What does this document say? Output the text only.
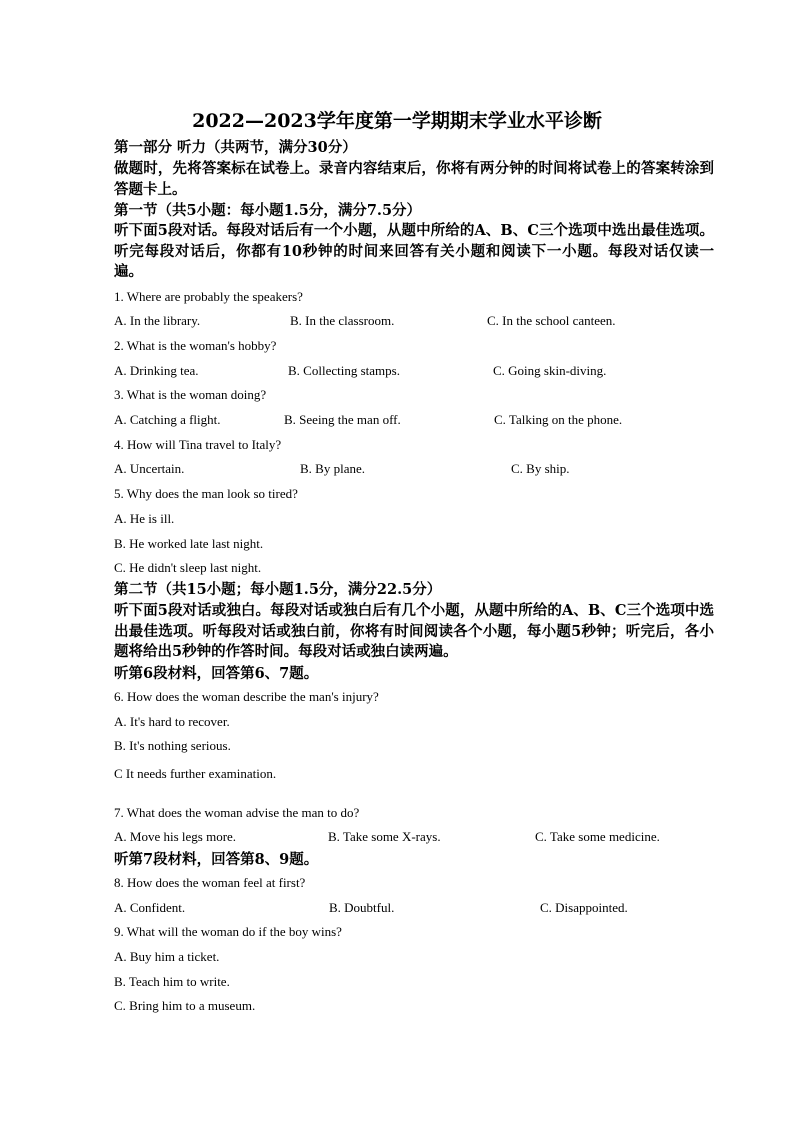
2022—2023学年度第一学期期末学业水平诊断
第一部分 听力（共两节，满分30分）
做题时，先将答案标在试卷上。录音内容结束后，你将有两分钟的时间将试卷上的答案转涂到答题卡上。
第一节（共5小题：每小题1.5分，满分7.5分）
听下面5段对话。每段对话后有一个小题，从题中所给的A、B、C三个选项中选出最佳选项。听完每段对话后，你都有10秒钟的时间来回答有关小题和阅读下一小题。每段对话仅读一遍。
1. Where are probably the speakers?
A. In the library.	B. In the classroom.	C. In the school canteen.
2. What is the woman's hobby?
A. Drinking tea.	B. Collecting stamps.	C. Going skin-diving.
3. What is the woman doing?
A. Catching a flight.	B. Seeing the man off.	C. Talking on the phone.
4. How will Tina travel to Italy?
A. Uncertain.	B. By plane.	C. By ship.
5. Why does the man look so tired?
A. He is ill.
B. He worked late last night.
C. He didn't sleep last night.
第二节（共15小题；每小题1.5分，满分22.5分）
听下面5段对话或独白。每段对话或独白后有几个小题，从题中所给的A、B、C三个选项中选出最佳选项。听每段对话或独白前，你将有时间阅读各个小题，每小题5秒钟；听完后，各小题将给出5秒钟的作答时间。每段对话或独白读两遍。
听第6段材料，回答第6、7题。
6. How does the woman describe the man's injury?
A. It's hard to recover.
B. It's nothing serious.
C It needs further examination.
7. What does the woman advise the man to do?
A. Move his legs more.	B. Take some X-rays.	C. Take some medicine.
听第7段材料，回答第8、9题。
8. How does the woman feel at first?
A. Confident.	B. Doubtful.	C. Disappointed.
9. What will the woman do if the boy wins?
A. Buy him a ticket.
B. Teach him to write.
C. Bring him to a museum.
